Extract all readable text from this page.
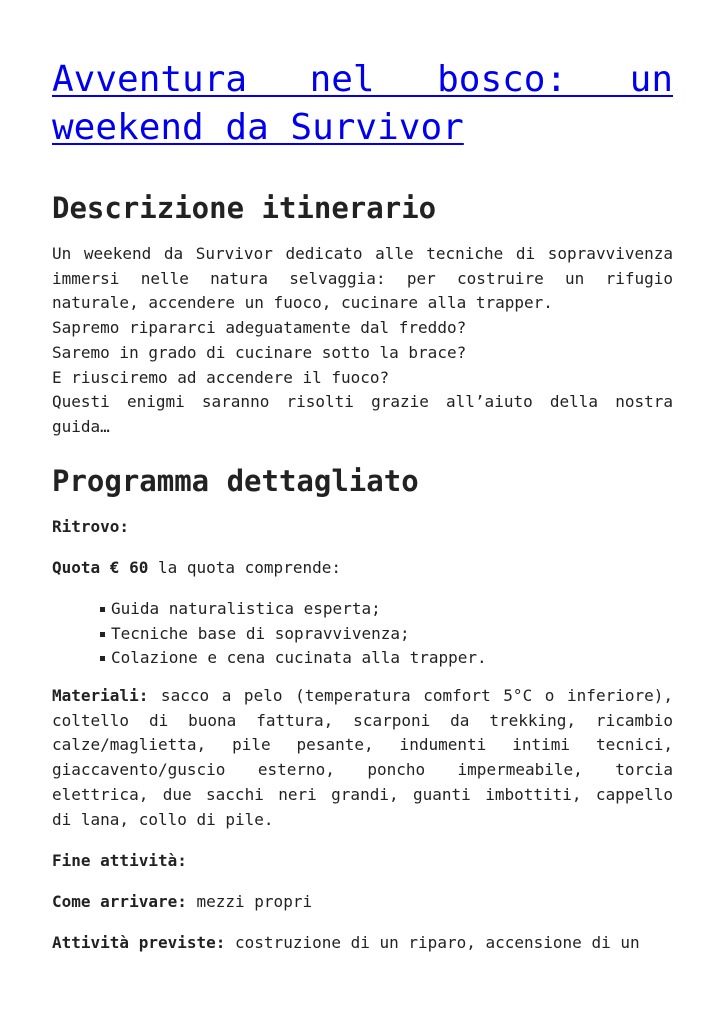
Avventura nel bosco: un weekend da Survivor
Descrizione itinerario
Un weekend da Survivor dedicato alle tecniche di sopravvivenza
immersi nelle natura selvaggia: per costruire un rifugio
naturale, accendere un fuoco, cucinare alla trapper.
Sapremo ripararci adeguatamente dal freddo?
Saremo in grado di cucinare sotto la brace?
E riusciremo ad accendere il fuoco?
Questi enigmi saranno risolti grazie all’aiuto della nostra
guida…
Programma dettagliato

Ritrovo:

Quota € 60 la quota comprende:

Guida naturalistica esperta;
Tecniche base di sopravvivenza;
Colazione e cena cucinata alla trapper.
Materiali: sacco a pelo (temperatura comfort 5°C o inferiore),
coltello di buona fattura, scarponi da trekking, ricambio
calze/maglietta, pile pesante, indumenti intimi tecnici,
giaccavento/guscio esterno, poncho impermeabile, torcia
elettrica, due sacchi neri grandi, guanti imbottiti, cappello
di lana, collo di pile.

Fine attività:

Come arrivare: mezzi propri

Attività previste: costruzione di un riparo, accensione di un
